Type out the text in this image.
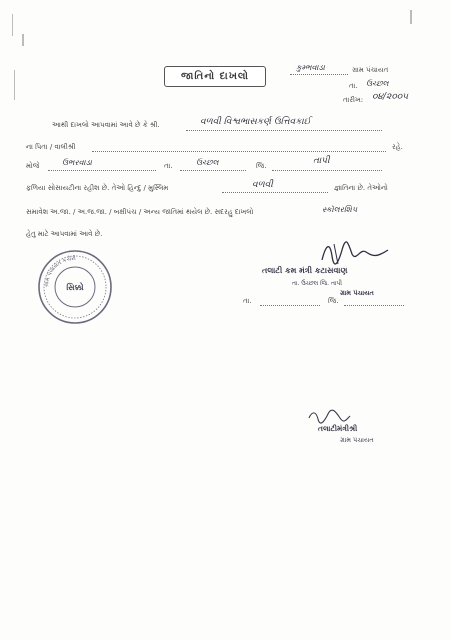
જાતિનો દાખલો
કુમ્ભવાડા	ગ્રામ પંચાયત
તા. ઉચ્છલ
તારીખ: ૦૪/૨૦૦૫
આથી દાખલો આપવામાં આવે છે કે શ્રી.	વળવી વિશ્વભાસકર્ણ ઉત્તિવકાઈ
ના પિતા / વાલીશ્રી	રહે.
મોજે	ઉભરવાડા	તા.	ઉચ્છલ	જિ.	તાપી
ફળિયા સોસાયટીના રહીશ છે. તેઓ હિન્દુ / મુસ્લિમ	વળવી	જ્ઞાતિના છે. તેઓનો
સમાવેશ અ.જા. / અ.જ.જા. / બક્ષીપંચ / અન્ય જાતિમાં થયેલ છે. સદરહુ દાખલો	સ્કૉલરશિપ
હેતુ માટે આપવામાં આવે છે.
ગ્રામ પંચાયત કચેરી
સિક્કો
તલાટી કમ મંત્રી કટાસવાણ
તા. ઉચ્છલ જિ. તાપી
ગ્રામ પંચાયત
તા.	જિ.
તલાટીમંત્રીશ્રી
ગ્રામ પંચાયત
